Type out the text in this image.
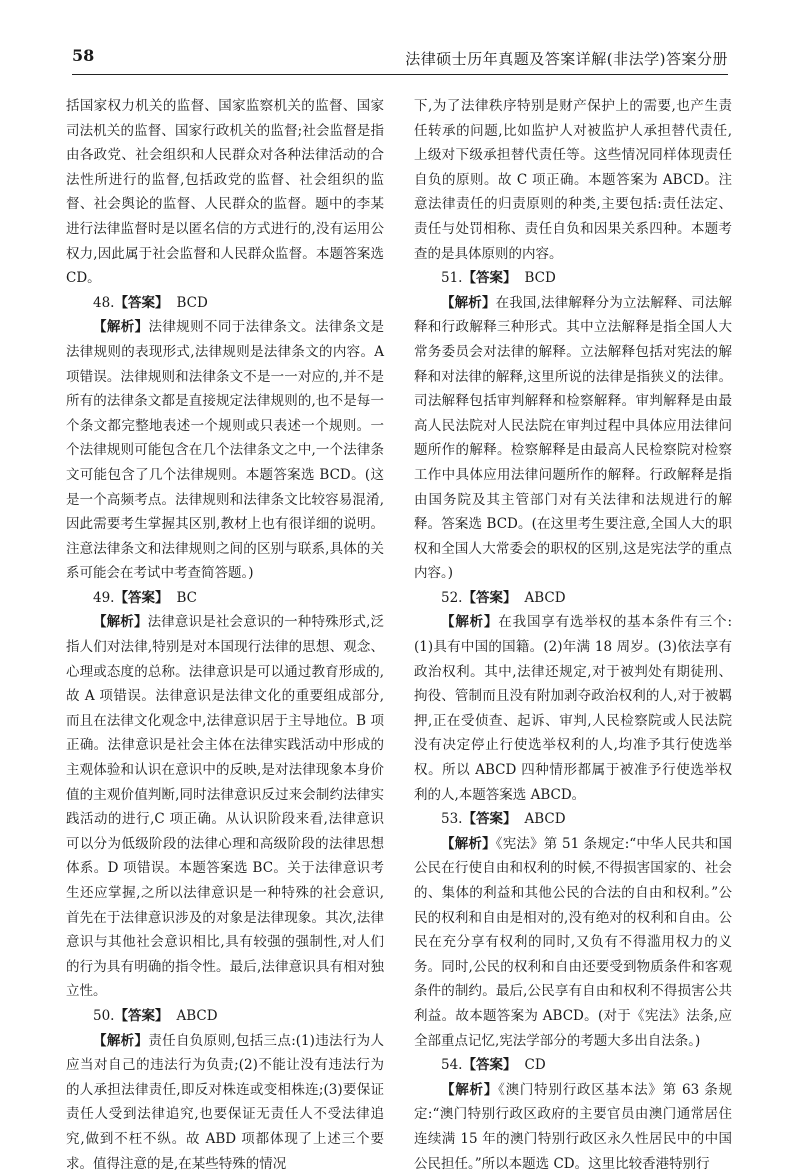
58	法律硕士历年真题及答案详解(非法学)答案分册

括国家权力机关的监督、国家监察机关的监督、国家司法机关的监督、国家行政机关的监督;社会监督是指由各政党、社会组织和人民群众对各种法律活动的合法性所进行的监督,包括政党的监督、社会组织的监督、社会舆论的监督、人民群众的监督。题中的李某进行法律监督时是以匿名信的方式进行的,没有运用公权力,因此属于社会监督和人民群众监督。本题答案选 CD。

48.【答案】 BCD

【解析】法律规则不同于法律条文。法律条文是法律规则的表现形式,法律规则是法律条文的内容。A 项错误。法律规则和法律条文不是一一对应的,并不是所有的法律条文都是直接规定法律规则的,也不是每一个条文都完整地表述一个规则或只表述一个规则。一个法律规则可能包含在几个法律条文之中,一个法律条文可能包含了几个法律规则。本题答案选 BCD。(这是一个高频考点。法律规则和法律条文比较容易混淆,因此需要考生掌握其区别,教材上也有很详细的说明。注意法律条文和法律规则之间的区别与联系,具体的关系可能会在考试中考查简答题。)

49.【答案】 BC

【解析】法律意识是社会意识的一种特殊形式,泛指人们对法律,特别是对本国现行法律的思想、观念、心理或态度的总称。法律意识是可以通过教育形成的,故 A 项错误。法律意识是法律文化的重要组成部分,而且在法律文化观念中,法律意识居于主导地位。B 项正确。法律意识是社会主体在法律实践活动中形成的主观体验和认识在意识中的反映,是对法律现象本身价值的主观价值判断,同时法律意识反过来会制约法律实践活动的进行,C 项正确。从认识阶段来看,法律意识可以分为低级阶段的法律心理和高级阶段的法律思想体系。D 项错误。本题答案选 BC。关于法律意识考生还应掌握,之所以法律意识是一种特殊的社会意识,首先在于法律意识涉及的对象是法律现象。其次,法律意识与其他社会意识相比,具有较强的强制性,对人们的行为具有明确的指令性。最后,法律意识具有相对独立性。

50.【答案】 ABCD

【解析】责任自负原则,包括三点:(1)违法行为人应当对自己的违法行为负责;(2)不能让没有违法行为的人承担法律责任,即反对株连或变相株连;(3)要保证责任人受到法律追究,也要保证无责任人不受法律追究,做到不枉不纵。故 ABD 项都体现了上述三个要求。值得注意的是,在某些特殊的情况

下,为了法律秩序特别是财产保护上的需要,也产生责任转承的问题,比如监护人对被监护人承担替代责任,上级对下级承担替代责任等。这些情况同样体现责任自负的原则。故 C 项正确。本题答案为 ABCD。注意法律责任的归责原则的种类,主要包括:责任法定、责任与处罚相称、责任自负和因果关系四种。本题考查的是具体原则的内容。

51.【答案】 BCD

【解析】在我国,法律解释分为立法解释、司法解释和行政解释三种形式。其中立法解释是指全国人大常务委员会对法律的解释。立法解释包括对宪法的解释和对法律的解释,这里所说的法律是指狭义的法律。司法解释包括审判解释和检察解释。审判解释是由最高人民法院对人民法院在审判过程中具体应用法律问题所作的解释。检察解释是由最高人民检察院对检察工作中具体应用法律问题所作的解释。行政解释是指由国务院及其主管部门对有关法律和法规进行的解释。答案选 BCD。(在这里考生要注意,全国人大的职权和全国人大常委会的职权的区别,这是宪法学的重点内容。)

52.【答案】 ABCD

【解析】在我国享有选举权的基本条件有三个:(1)具有中国的国籍。(2)年满 18 周岁。(3)依法享有政治权利。其中,法律还规定,对于被判处有期徒刑、拘役、管制而且没有附加剥夺政治权利的人,对于被羁押,正在受侦查、起诉、审判,人民检察院或人民法院没有决定停止行使选举权利的人,均准予其行使选举权。所以 ABCD 四种情形都属于被准予行使选举权利的人,本题答案选 ABCD。

53.【答案】 ABCD

【解析】《宪法》第 51 条规定:“中华人民共和国公民在行使自由和权利的时候,不得损害国家的、社会的、集体的利益和其他公民的合法的自由和权利。”公民的权利和自由是相对的,没有绝对的权利和自由。公民在充分享有权利的同时,又负有不得滥用权力的义务。同时,公民的权利和自由还要受到物质条件和客观条件的制约。最后,公民享有自由和权利不得损害公共利益。故本题答案为 ABCD。(对于《宪法》法条,应全部重点记忆,宪法学部分的考题大多出自法条。)

54.【答案】 CD

【解析】《澳门特别行政区基本法》第 63 条规定:“澳门特别行政区政府的主要官员由澳门通常居住连续满 15 年的澳门特别行政区永久性居民中的中国公民担任。”所以本题选 CD。这里比较香港特别行
